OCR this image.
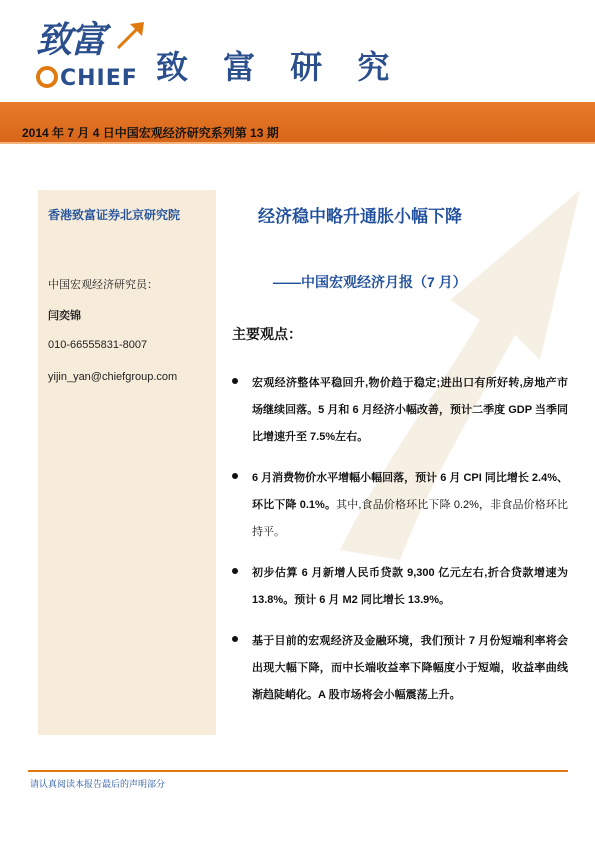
致富
CHIEF 致 富 研 究
2014 年 7 月 4 日中国宏观经济研究系列第 13 期
香港致富证券北京研究院
中国宏观经济研究员：
闫奕锦
010-66555831-8007
yijin_yan@chiefgroup.com
经济稳中略升通胀小幅下降
——中国宏观经济月报（7 月）
主要观点：

宏观经济整体平稳回升,物价趋于稳定;进出口有所好转,房地产市场继续回落。5 月和 6 月经济小幅改善，预计二季度 GDP 当季同比增速升至 7.5%左右。

6 月消费物价水平增幅小幅回落，预计 6 月 CPI 同比增长 2.4%、环比下降 0.1%。其中,食品价格环比下降 0.2%，非食品价格环比持平。

初步估算 6 月新增人民币贷款 9,300 亿元左右,折合贷款增速为 13.8%。预计 6 月 M2 同比增长 13.9%。

基于目前的宏观经济及金融环境，我们预计 7 月份短端利率将会出现大幅下降，而中长端收益率下降幅度小于短端，收益率曲线渐趋陡峭化。A 股市场将会小幅震荡上升。

请认真阅读本报告最后的声明部分
